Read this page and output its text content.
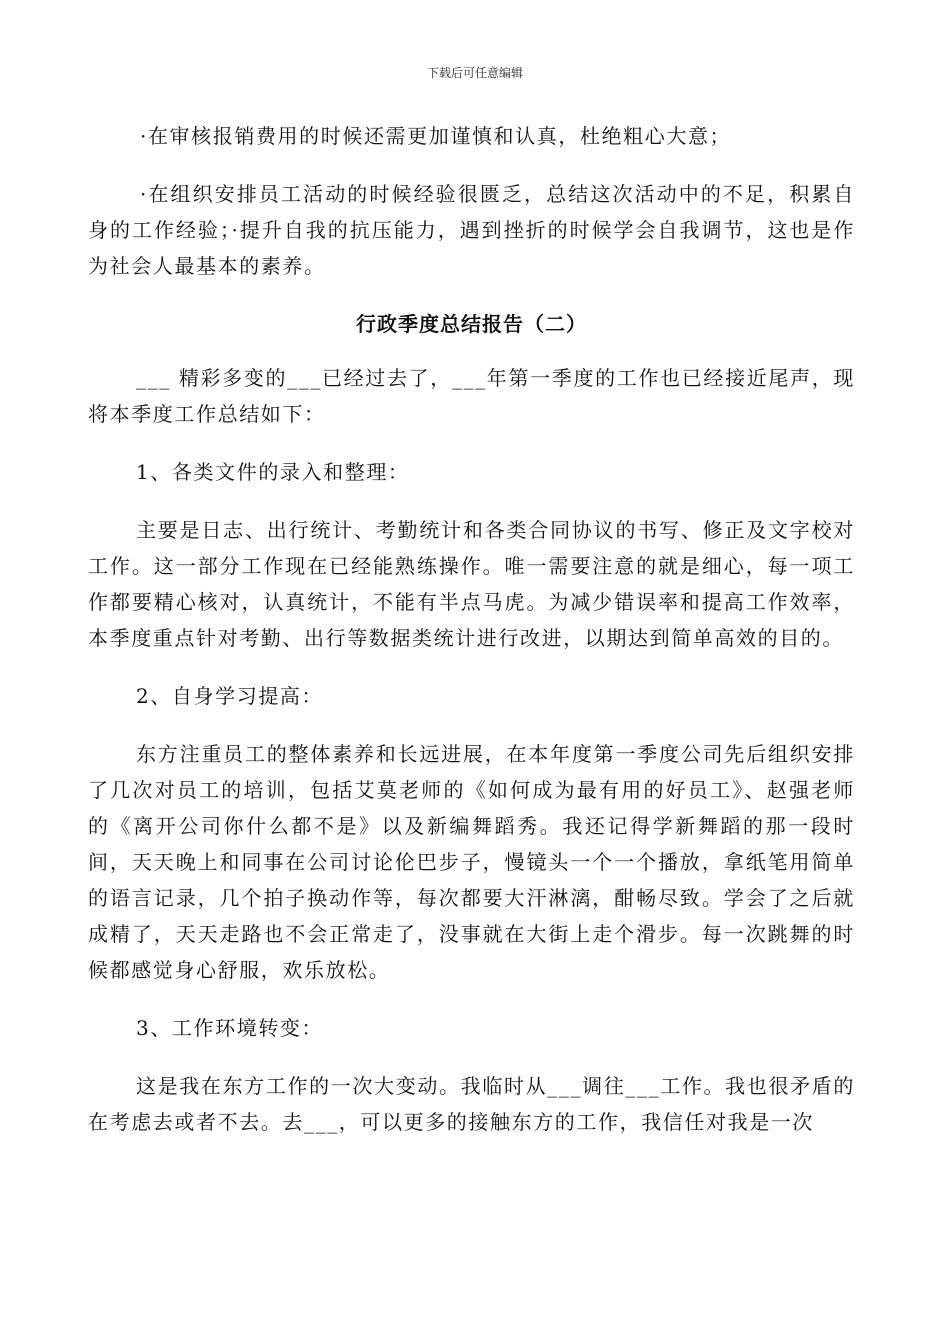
下载后可任意编辑

·在审核报销费用的时候还需更加谨慎和认真，杜绝粗心大意；

·在组织安排员工活动的时候经验很匮乏，总结这次活动中的不足，积累自身的工作经验；·提升自我的抗压能力，遇到挫折的时候学会自我调节，这也是作为社会人最基本的素养。

行政季度总结报告（二）

___ 精彩多变的___已经过去了，___年第一季度的工作也已经接近尾声，现将本季度工作总结如下：

1、各类文件的录入和整理：

主要是日志、出行统计、考勤统计和各类合同协议的书写、修正及文字校对工作。这一部分工作现在已经能熟练操作。唯一需要注意的就是细心，每一项工作都要精心核对，认真统计，不能有半点马虎。为减少错误率和提高工作效率，本季度重点针对考勤、出行等数据类统计进行改进，以期达到简单高效的目的。

2、自身学习提高：

东方注重员工的整体素养和长远进展，在本年度第一季度公司先后组织安排了几次对员工的培训，包括艾莫老师的《如何成为最有用的好员工》、赵强老师的《离开公司你什么都不是》以及新编舞蹈秀。我还记得学新舞蹈的那一段时间，天天晚上和同事在公司讨论伦巴步子，慢镜头一个一个播放，拿纸笔用简单的语言记录，几个拍子换动作等，每次都要大汗淋漓，酣畅尽致。学会了之后就成精了，天天走路也不会正常走了，没事就在大街上走个滑步。每一次跳舞的时候都感觉身心舒服，欢乐放松。

3、工作环境转变：

这是我在东方工作的一次大变动。我临时从___调往___工作。我也很矛盾的在考虑去或者不去。去___，可以更多的接触东方的工作，我信任对我是一次
